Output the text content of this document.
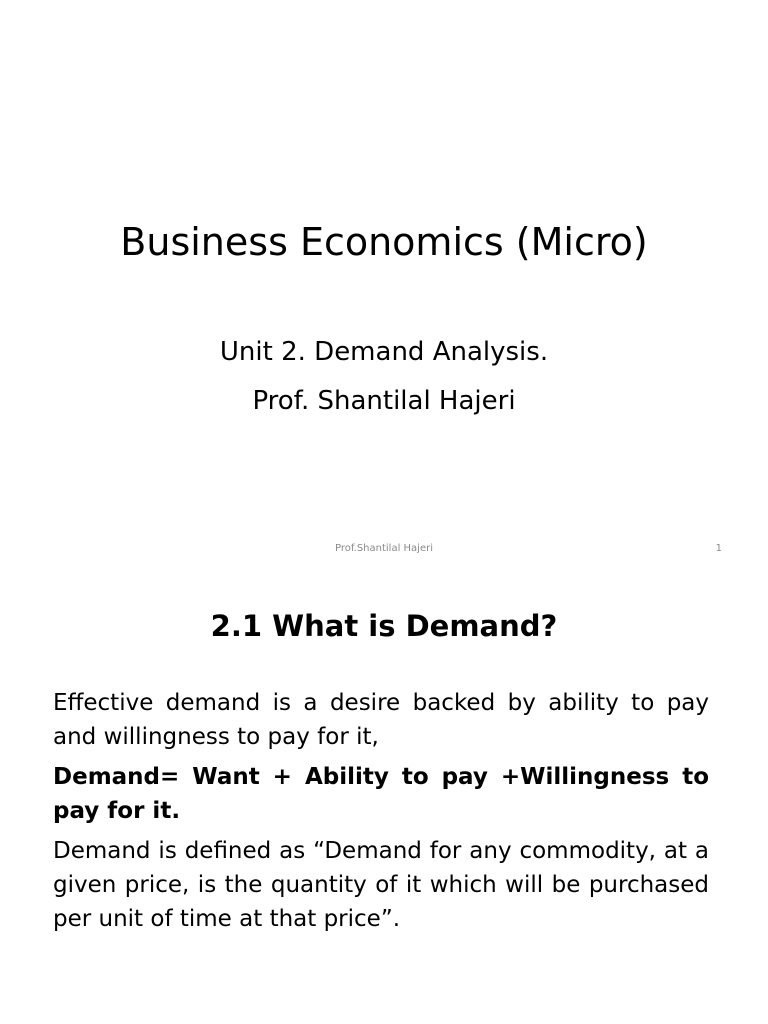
Business Economics (Micro)

Unit 2. Demand Analysis.

Prof. Shantilal Hajeri

Prof.Shantilal Hajeri	1
2.1 What is Demand?

Effective demand is a desire backed by ability to pay and willingness to pay for it,

Demand= Want + Ability to pay +Willingness to pay for it.

Demand is defined as “Demand for any commodity, at a given price, is the quantity of it which will be purchased per unit of time at that price”.
